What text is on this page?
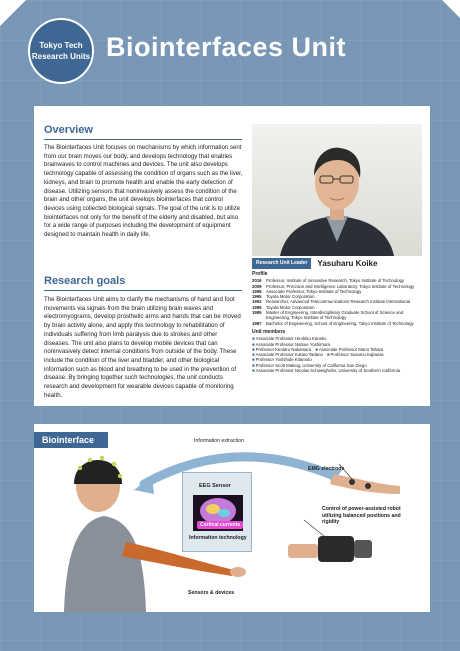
Tokyo Tech
Research Units Biointerfaces Unit
Overview
The Biointerfaces Unit focuses on mechanisms by which information sent from our brain moves our body, and develops technology that enables brainwaves to control machines and devices. The unit also develops technology capable of assessing the condition of organs such as the liver, kidneys, and brain to promote health and enable the early detection of disease. Utilizing sensors that noninvasively assess the condition of the brain and other organs, the unit develops biointerfaces that control devices using collected biological signals. The goal of the unit is to utilize biointerfaces not only for the benefit of the elderly and disabled, but also for a wide range of purposes including the development of equipment designed to maintain health in daily life.
Research goals
The Biointerfaces Unit aims to clarify the mechanisms of hand and foot movements via signals from the brain utilizing brain waves and electromyograms, develop prosthetic arms and hands that can be moved by brain activity alone, and apply this technology to rehabilitation of individuals suffering from limb paralysis due to strokes and other diseases. The unit also plans to develop mobile devices that can noninvasively detect internal conditions from outside of the body. These include the condition of the liver and bladder, and other biological information such as blood and breathing to be used in the prevention of disease. By bringing together such technologies, the unit conducts research and development for wearable devices capable of monitoring health.
Research Unit Leader	Yasuharu Koike
Profile
2016	Professor, Institute of Innovative Research, Tokyo Institute of Technology
2009	Professor, Precision and Intelligence Laboratory, Tokyo Institute of Technology
1998	Associate Professor, Tokyo Institute of Technology
1995	Toyota Motor Corporation
1992	Researcher, Advanced Telecommunications Research Institute International
1989	Toyota Motor Corporation
1989	Master of Engineering, Interdisciplinary Graduate School of Science and Engineering, Tokyo Institute of Technology
1987	Bachelor of Engineering, School of Engineering, Tokyo Institute of Technology
Unit members
■Associate Professor Hirohiko Kaneko
■Associate Professor Natsue Yoshimura
■Professor Kentaro Nakamura ■Associate Professor Mario Tahara
■Associate Professor Kotaro Tadano ■Professor Susumu Kajiwara
■Professor Yoshihide Kitamoto
■Professor Scott Makeig, University of California San Diego
■Associate Professor Nicolas Schweighofer, University of Southern California
Biointerface	Information extraction
EMG electrode
EEG Sensor
Cortical currents
Information technology
Control of power-assisted robot utilizing balanced positions and rigidity
Sensors & devices
